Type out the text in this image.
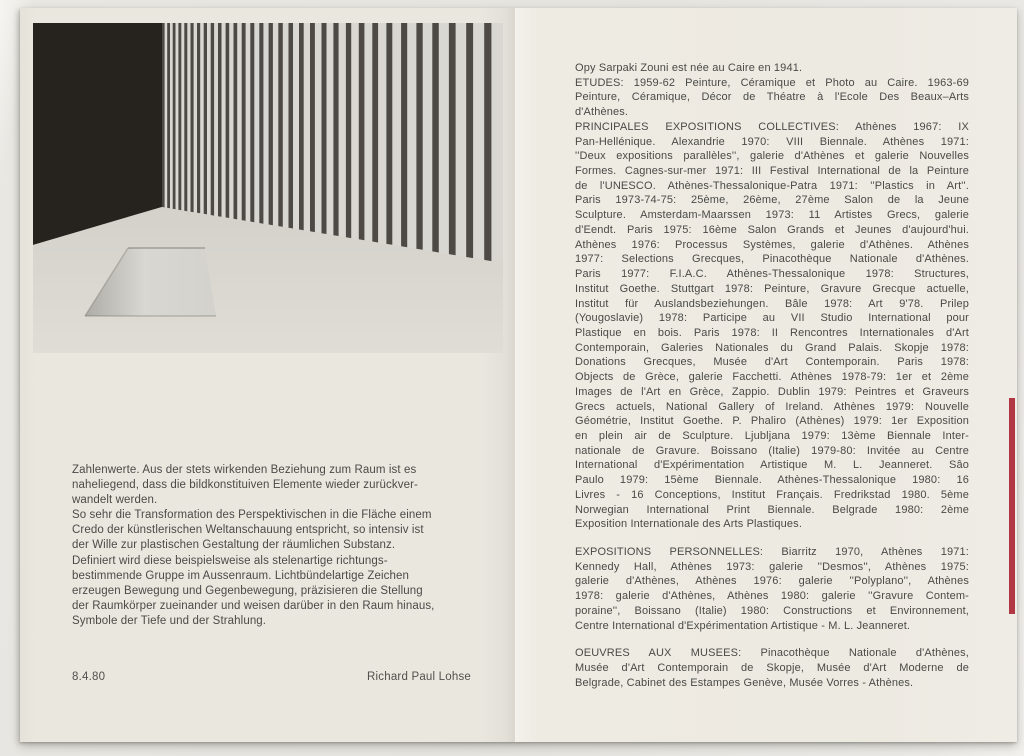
Zahlenwerte. Aus der stets wirkenden Beziehung zum Raum ist es
naheliegend, dass die bildkonstituiven Elemente wieder zurückver-
wandelt werden.
So sehr die Transformation des Perspektivischen in die Fläche einem
Credo der künstlerischen Weltanschauung entspricht, so intensiv ist
der Wille zur plastischen Gestaltung der räumlichen Substanz.
Definiert wird diese beispielsweise als stelenartige richtungs-
bestimmende Gruppe im Aussenraum. Lichtbündelartige Zeichen
erzeugen Bewegung und Gegenbewegung, präzisieren die Stellung
der Raumkörper zueinander und weisen darüber in den Raum hinaus,
Symbole der Tiefe und der Strahlung.
8.4.80	Richard Paul Lohse
Opy Sarpaki Zouni est née au Caire en 1941.
ETUDES: 1959-62 Peinture, Céramique et Photo au Caire. 1963-69
Peinture, Céramique, Décor de Théatre à l'Ecole Des Beaux–Arts
d'Athènes.
PRINCIPALES EXPOSITIONS COLLECTIVES: Athènes 1967: IX
Pan-Hellénique. Alexandrie 1970: VIII Biennale. Athènes 1971:
''Deux expositions parallèles'', galerie d'Athènes et galerie Nouvelles
Formes. Cagnes-sur-mer 1971: III Festival International de la Peinture
de l'UNESCO. Athènes-Thessalonique-Patra 1971: ''Plastics in Art''.
Paris 1973-74-75: 25ème, 26ème, 27ème Salon de la Jeune
Sculpture. Amsterdam-Maarssen 1973: 11 Artistes Grecs, galerie
d'Eendt. Paris 1975: 16ème Salon Grands et Jeunes d'aujourd'hui.
Athènes 1976: Processus Systèmes, galerie d'Athènes. Athènes
1977: Selections Grecques, Pinacothèque Nationale d'Athènes.
Paris 1977: F.I.A.C. Athènes-Thessalonique 1978: Structures,
Institut Goethe. Stuttgart 1978: Peinture, Gravure Grecque actuelle,
Institut für Auslandsbeziehungen. Bâle 1978: Art 9'78. Prilep
(Yougoslavie) 1978: Participe au VII Studio International pour
Plastique en bois. Paris 1978: II Rencontres Internationales d'Art
Contemporain, Galeries Nationales du Grand Palais. Skopje 1978:
Donations Grecques, Musée d'Art Contemporain. Paris 1978:
Objects de Grèce, galerie Facchetti. Athènes 1978-79: 1er et 2ème
Images de l'Art en Grèce, Zappio. Dublin 1979: Peintres et Graveurs
Grecs actuels, National Gallery of Ireland. Athènes 1979: Nouvelle
Géométrie, Institut Goethe. P. Phaliro (Athènes) 1979: 1er Exposition
en plein air de Sculpture. Ljubljana 1979: 13ème Biennale Inter-
nationale de Gravure. Boissano (Italie) 1979-80: Invitée au Centre
International d'Expérimentation Artistique M. L. Jeanneret. Sâo
Paulo 1979: 15ème Biennale. Athènes-Thessalonique 1980: 16
Livres - 16 Conceptions, Institut Français. Fredrikstad 1980. 5ème
Norwegian International Print Biennale. Belgrade 1980: 2ème
Exposition Internationale des Arts Plastiques.
EXPOSITIONS PERSONNELLES: Biarritz 1970, Athènes 1971:
Kennedy Hall, Athènes 1973: galerie ''Desmos'', Athènes 1975:
galerie d'Athènes, Athènes 1976: galerie ''Polyplano'', Athènes
1978: galerie d'Athènes, Athènes 1980: galerie ''Gravure Contem-
poraine'', Boissano (Italie) 1980: Constructions et Environnement,
Centre International d'Expérimentation Artistique - M. L. Jeanneret.
OEUVRES AUX MUSEES: Pinacothèque Nationale d'Athènes,
Musée d'Art Contemporain de Skopje, Musée d'Art Moderne de
Belgrade, Cabinet des Estampes Genève, Musée Vorres - Athènes.
